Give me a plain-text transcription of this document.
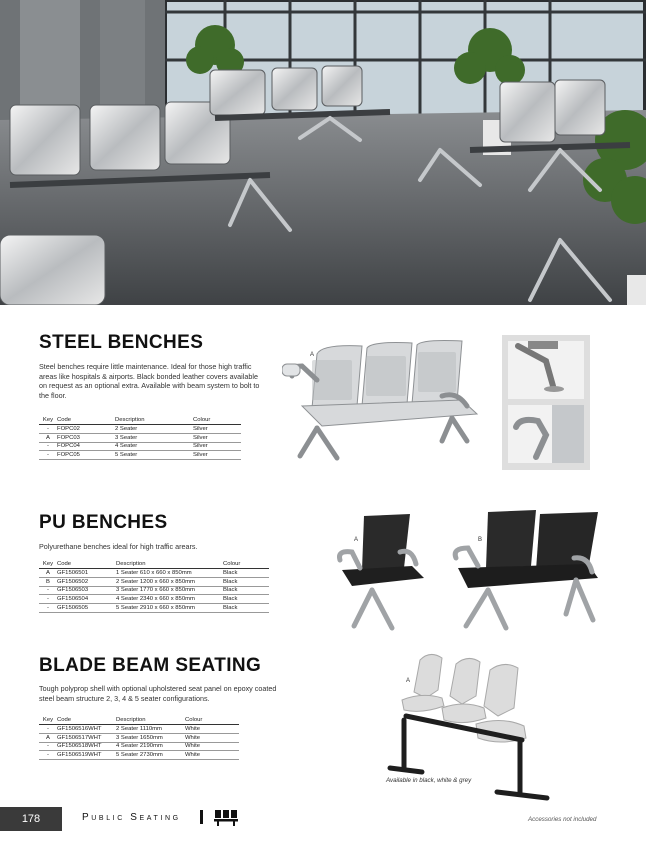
STEEL BENCHES

Steel benches require little maintenance. Ideal for those high traffic areas like hospitals & airports. Black bonded leather covers available on request as an optional extra. Available with beam system to bolt to the floor.

Key	Code	Description	Colour
-	FOPC02	2 Seater	Silver
A	FOPC03	3 Seater	Silver
-	FOPC04	4 Seater	Silver
-	FOPC05	5 Seater	Silver
A
PU BENCHES

Polyurethane benches ideal for high traffic arears.

Key	Code	Description	Colour
A	GF1506501	1 Seater 610 x 660 x 850mm	Black
B	GF1506502	2 Seater 1200 x 660 x 850mm	Black
-	GF1506503	3 Seater 1770 x 660 x 850mm	Black
-	GF1506504	4 Seater 2340 x 660 x 850mm	Black
-	GF1506505	5 Seater 2910 x 660 x 850mm	Black
A	B
BLADE BEAM SEATING

Tough polyprop shell with optional upholstered seat panel on epoxy coated steel beam structure 2, 3, 4 & 5 seater configurations.

Key	Code	Description	Colour
-	GF1506516WHT	2 Seater 1110mm	White
A	GF1506517WHT	3 Seater 1650mm	White
-	GF1506518WHT	4 Seater 2190mm	White
-	GF1506519WHT	5 Seater 2730mm	White
A
Available in black, white & grey
178	Public Seating	Accessories not included
